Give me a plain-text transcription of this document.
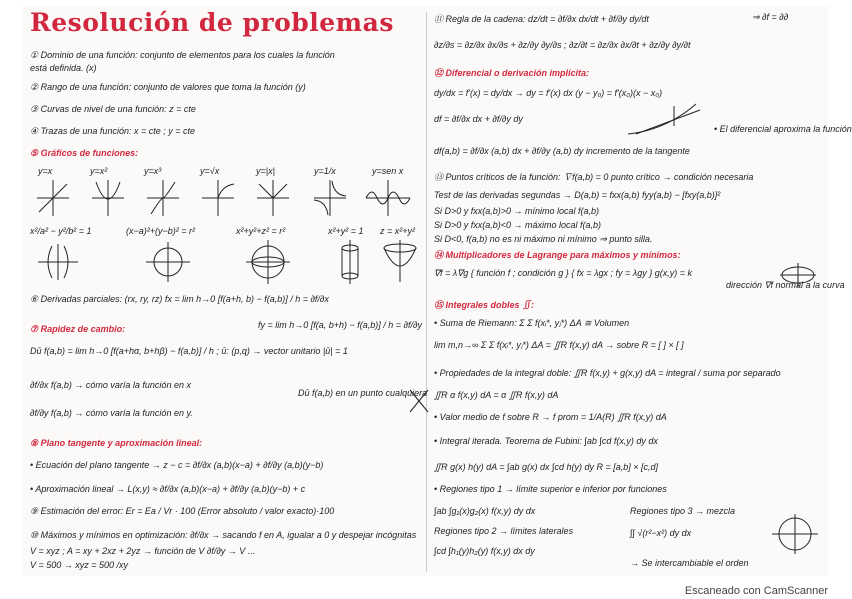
Resolución de problemas	⇒ ∂f = ∂∂
① Dominio de una función: conjunto de elementos para los cuales la función
está definida. (x)
② Rango de una función: conjunto de valores que toma la función (y)
③ Curvas de nivel de una función: z = cte
④ Trazas de una función: x = cte ; y = cte
⑤ Gráficos de funciones:
y=x	y=x²	y=x³	y=√x	y=|x|	y=1/x	y=sen x
x²/a² − y²/b² = 1	(x−a)²+(y−b)² = r²	x²+y²+z² = r²	x²+y² = 1 z = x²+y²
⑥ Derivadas parciales: (rx, ry, rz) fx = lim h→0 [f(a+h, b) − f(a,b)] / h = ∂f/∂x
fy = lim h→0 [f(a, b+h) − f(a,b)] / h = ∂f/∂y
⑦ Rapidez de cambio:
Dū f(a,b) = lim h→0 [f(a+hα, b+hβ) − f(a,b)] / h ; ū: (p,q) → vector unitario |ū| = 1
∂f/∂x f(a,b) → cómo varía la función en x
∂f/∂y f(a,b) → cómo varía la función en y.
Dū f(a,b) en un punto cualquiera
⑧ Plano tangente y aproximación lineal:
• Ecuación del plano tangente → z − c = ∂f/∂x (a,b)(x−a) + ∂f/∂y (a,b)(y−b)
• Aproximación lineal → L(x,y) ≈ ∂f/∂x (a,b)(x−a) + ∂f/∂y (a,b)(y−b) + c
⑨ Estimación del error: Er = Ea / Vr · 100 (Error absoluto / valor exacto)·100
⑩ Máximos y mínimos en optimización: ∂f/∂x → sacando f en A, igualar a 0 y despejar incógnitas
V = xyz ; A = xy + 2xz + 2yz → función de V ∂f/∂y → V ...
V = 500 → xyz = 500 /xy
⑪ Regla de la cadena: dz/dt = ∂f/∂x dx/dt + ∂f/∂y dy/dt
∂z/∂s = ∂z/∂x ∂x/∂s + ∂z/∂y ∂y/∂s ; ∂z/∂t = ∂z/∂x ∂x/∂t + ∂z/∂y ∂y/∂t
⑫ Diferencial o derivación implícita:
dy/dx = f'(x) = dy/dx → dy = f'(x) dx (y − y₀) = f'(x₀)(x − x₀)
df = ∂f/∂x dx + ∂f/∂y dy
• El diferencial aproxima la función
df(a,b) = ∂f/∂x (a,b) dx + ∂f/∂y (a,b) dy incremento de la tangente
⑬ Puntos críticos de la función: ∇f(a,b) = 0 punto crítico → condición necesaria
Test de las derivadas segundas → D(a,b) = fxx(a,b) fyy(a,b) − [fxy(a,b)]²
Si D>0 y fxx(a,b)>0 → mínimo local f(a,b)
Si D>0 y fxx(a,b)<0 → máximo local f(a,b)
Si D<0, f(a,b) no es ni máximo ni mínimo ⇒ punto silla.
⑭ Multiplicadores de Lagrange para máximos y mínimos:
∇f = λ∇g { función f ; condición g } { fx = λgx ; fy = λgy } g(x,y) = k
dirección ∇f normal a la curva
⑮ Integrales dobles ∬:
• Suma de Riemann: Σ Σ f(xᵢ*, yⱼ*) ΔA ≅ Volumen
lim m,n→∞ Σ Σ f(xᵢ*, yⱼ*) ΔA = ∬R f(x,y) dA → sobre R = [ ] × [ ]
• Propiedades de la integral doble: ∬R f(x,y) + g(x,y) dA = integral / suma por separado
∬R α f(x,y) dA = α ∬R f(x,y) dA
• Valor medio de f sobre R → f prom = 1/A(R) ∬R f(x,y) dA
• Integral iterada. Teorema de Fubini: ∫ab ∫cd f(x,y) dy dx
∬R g(x) h(y) dA = ∫ab g(x) dx ∫cd h(y) dy R = [a,b] × [c,d]
• Regiones tipo 1 → límite superior e inferior por funciones
∫ab ∫g₁(x)g₂(x) f(x,y) dy dx
Regiones tipo 2 → límites laterales
∫cd ∫h₁(y)h₂(y) f(x,y) dx dy
Regiones tipo 3 → mezcla
∫∫ √(r²−x²) dy dx
→ Se intercambiable el orden
Escaneado con CamScanner
